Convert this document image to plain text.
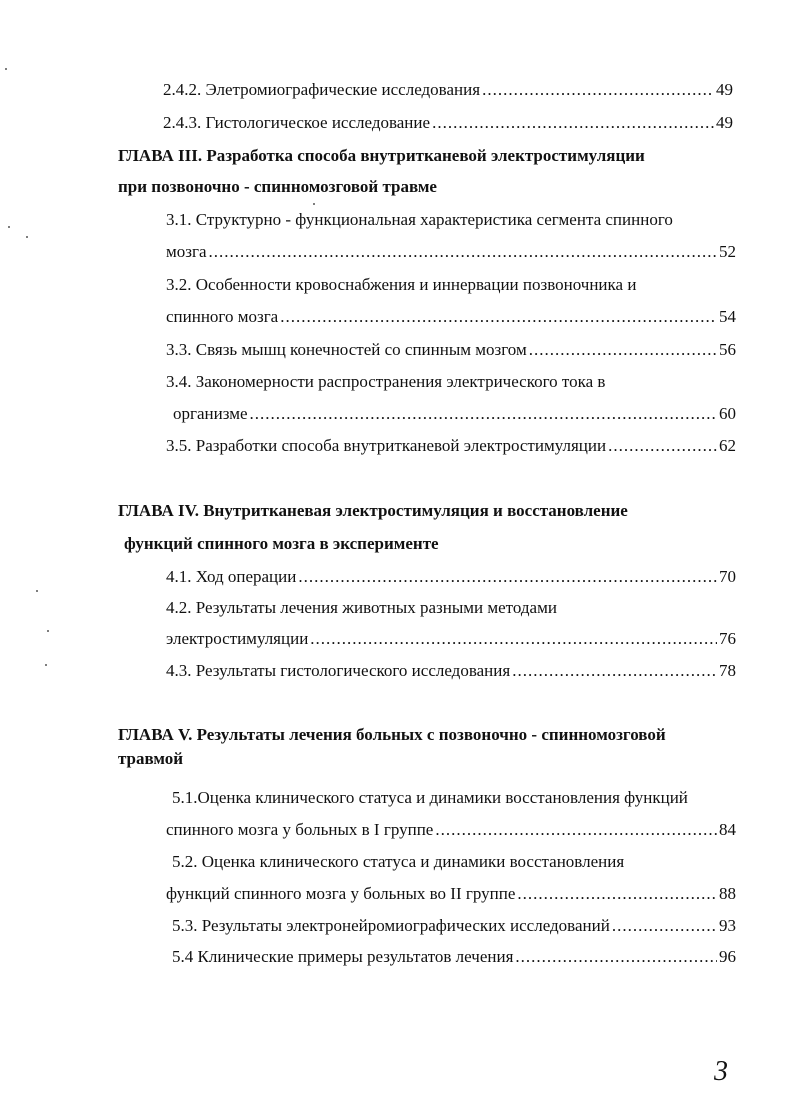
2.4.2. Элетромиографические исследования .....	49
2.4.3. Гистологическое исследование .....	49
ГЛАВА III. Разработка способа внутритканевой электростимуляции
при позвоночно - спинномозговой травме
3.1. Структурно - функциональная характеристика сегмента спинного
мозга .....	52
3.2. Особенности кровоснабжения и иннервации позвоночника и
спинного мозга .....	54
3.3. Связь мышц конечностей со спинным мозгом .....	56
3.4. Закономерности распространения электрического тока в
организме .....	60
3.5. Разработки способа внутритканевой электростимуляции .....	62
ГЛАВА IV. Внутритканевая электростимуляция и восстановление
функций спинного мозга в эксперименте
4.1. Ход операции .....	70
4.2. Результаты лечения животных разными методами
электростимуляции .....	76
4.3. Результаты гистологического исследования .....	78
ГЛАВА V. Результаты лечения больных с позвоночно - спинномозговой
травмой
5.1.Оценка клинического статуса и динамики восстановления функций
спинного мозга у больных в I группе .....	84
5.2. Оценка клинического статуса и динамики восстановления
функций спинного мозга у больных во II группе .....	88
5.3. Результаты электронейромиографических исследований .....	93
5.4 Клинические примеры результатов лечения .....	96
3
